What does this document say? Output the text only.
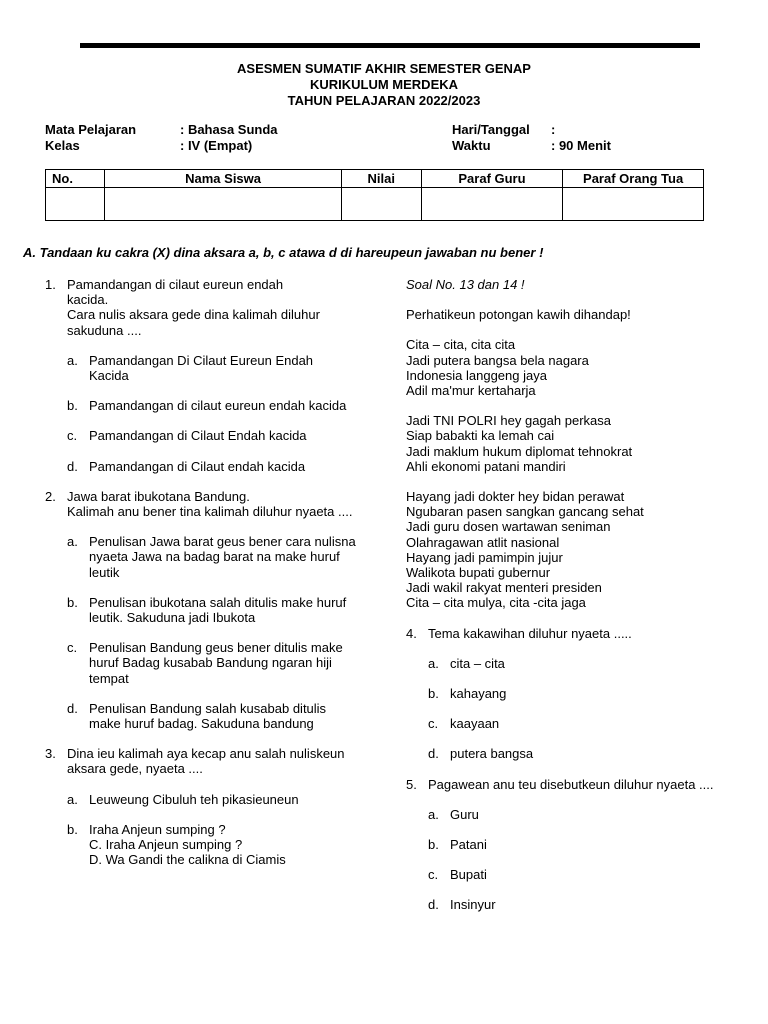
ASESMEN SUMATIF AKHIR SEMESTER GENAP
KURIKULUM MERDEKA
TAHUN PELAJARAN 2022/2023
Mata Pelajaran	: Bahasa Sunda
Kelas	: IV (Empat)
Hari/Tanggal :
Waktu	: 90 Menit
No.	Nama Siswa	Nilai	Paraf Guru	Paraf Orang Tua

A. Tandaan ku cakra (X) dina aksara a, b, c atawa d di hareupeun jawaban nu bener !
1. Pamandangan di cilaut eureun endah kacida.
Cara nulis aksara gede dina kalimah diluhur sakuduna ....
a. Pamandangan Di Cilaut Eureun Endah Kacida
b. Pamandangan di cilaut eureun endah kacida
c. Pamandangan di Cilaut Endah kacida
d. Pamandangan di Cilaut endah kacida
2. Jawa barat ibukotana Bandung.
Kalimah anu bener tina kalimah diluhur nyaeta ....
a. Penulisan Jawa barat geus bener cara nulisna nyaeta Jawa na badag barat na make huruf leutik
b. Penulisan ibukotana salah ditulis make huruf leutik. Sakuduna jadi Ibukota
c. Penulisan Bandung geus bener ditulis make huruf Badag kusabab Bandung ngaran hiji tempat
d. Penulisan Bandung salah kusabab ditulis make huruf badag. Sakuduna bandung
3. Dina ieu kalimah aya kecap anu salah nuliskeun aksara gede, nyaeta ....
a. Leuweung Cibuluh teh pikasieuneun
b. Iraha Anjeun sumping ?
C. Iraha Anjeun sumping ?
D. Wa Gandi the calikna di Ciamis
Soal No. 13 dan 14 !
Perhatikeun potongan kawih dihandap!
Cita – cita, cita cita
Jadi putera bangsa bela nagara
Indonesia langgeng jaya
Adil ma'mur kertaharja
Jadi TNI POLRI hey gagah perkasa
Siap babakti ka lemah cai
Jadi maklum hukum diplomat tehnokrat
Ahli ekonomi patani mandiri
Hayang jadi dokter hey bidan perawat
Ngubaran pasen sangkan gancang sehat
Jadi guru dosen wartawan seniman
Olahragawan atlit nasional
Hayang jadi pamimpin jujur
Walikota bupati gubernur
Jadi wakil rakyat menteri presiden
Cita – cita mulya, cita -cita jaga
4. Tema kakawihan diluhur nyaeta .....
a. cita – cita
b. kahayang
c. kaayaan
d. putera bangsa
5. Pagawean anu teu disebutkeun diluhur nyaeta ....
a. Guru
b. Patani
c. Bupati
d. Insinyur
